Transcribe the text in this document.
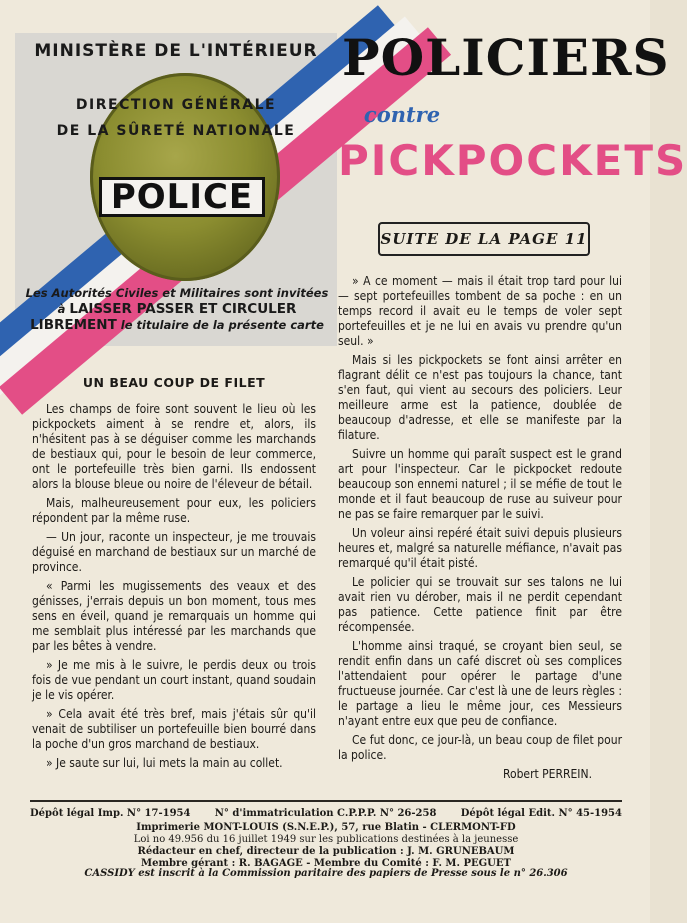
MINISTÈRE DE L'INTÉRIEUR
DIRECTION GÉNÉRALE
DE LA SÛRETÉ NATIONALE
POLICE
Les Autorités Civiles et Militaires sont invitées à LAISSER PASSER ET CIRCULER LIBREMENT le titulaire de la présente carte
POLICIERS
contre
PICKPOCKETS
SUITE DE LA PAGE 11
UN BEAU COUP DE FILET

Les champs de foire sont souvent le lieu où les pickpockets aiment à se rendre et, alors, ils n'hésitent pas à se déguiser comme les marchands de bestiaux qui, pour le besoin de leur commerce, ont le portefeuille très bien garni. Ils endossent alors la blouse bleue ou noire de l'éleveur de bétail.

Mais, malheureusement pour eux, les policiers répondent par la même ruse.

— Un jour, raconte un inspecteur, je me trouvais déguisé en marchand de bestiaux sur un marché de province.

« Parmi les mugissements des veaux et des génisses, j'errais depuis un bon moment, tous mes sens en éveil, quand je remarquais un homme qui me semblait plus intéressé par les marchands que par les bêtes à vendre.

» Je me mis à le suivre, le perdis deux ou trois fois de vue pendant un court instant, quand soudain je le vis opérer.

» Cela avait été très bref, mais j'étais sûr qu'il venait de subtiliser un portefeuille bien bourré dans la poche d'un gros marchand de bestiaux.

» Je saute sur lui, lui mets la main au collet.

» A ce moment — mais il était trop tard pour lui — sept portefeuilles tombent de sa poche : en un temps record il avait eu le temps de voler sept portefeuilles et je ne lui en avais vu prendre qu'un seul. »

Mais si les pickpockets se font ainsi arrêter en flagrant délit ce n'est pas toujours la chance, tant s'en faut, qui vient au secours des policiers. Leur meilleure arme est la patience, doublée de beaucoup d'adresse, et elle se manifeste par la filature.

Suivre un homme qui paraît suspect est le grand art pour l'inspecteur. Car le pickpocket redoute beaucoup son ennemi naturel ; il se méfie de tout le monde et il faut beaucoup de ruse au suiveur pour ne pas se faire remarquer par le suivi.

Un voleur ainsi repéré était suivi depuis plusieurs heures et, malgré sa naturelle méfiance, n'avait pas remarqué qu'il était pisté.

Le policier qui se trouvait sur ses talons ne lui avait rien vu dérober, mais il ne perdit cependant pas patience. Cette patience finit par être récompensée.

L'homme ainsi traqué, se croyant bien seul, se rendit enfin dans un café discret où ses complices l'attendaient pour opérer le partage d'une fructueuse journée. Car c'est là une de leurs règles : le partage a lieu le même jour, ces Messieurs n'ayant entre eux que peu de confiance.

Ce fut donc, ce jour-là, un beau coup de filet pour la police.

Robert PERREIN.
Dépôt légal Imp. N° 17-1954 N° d'immatriculation C.P.P.P. N° 26-258 Dépôt légal Edit. N° 45-1954
Imprimerie MONT-LOUIS (S.N.E.P.), 57, rue Blatin - CLERMONT-FD
Loi no 49.956 du 16 juillet 1949 sur les publications destinées à la jeunesse
Rédacteur en chef, directeur de la publication : J. M. GRUNEBAUM
Membre gérant : R. BAGAGE - Membre du Comité : F. M. PEGUET
CASSIDY est inscrit à la Commission paritaire des papiers de Presse sous le n° 26.306
